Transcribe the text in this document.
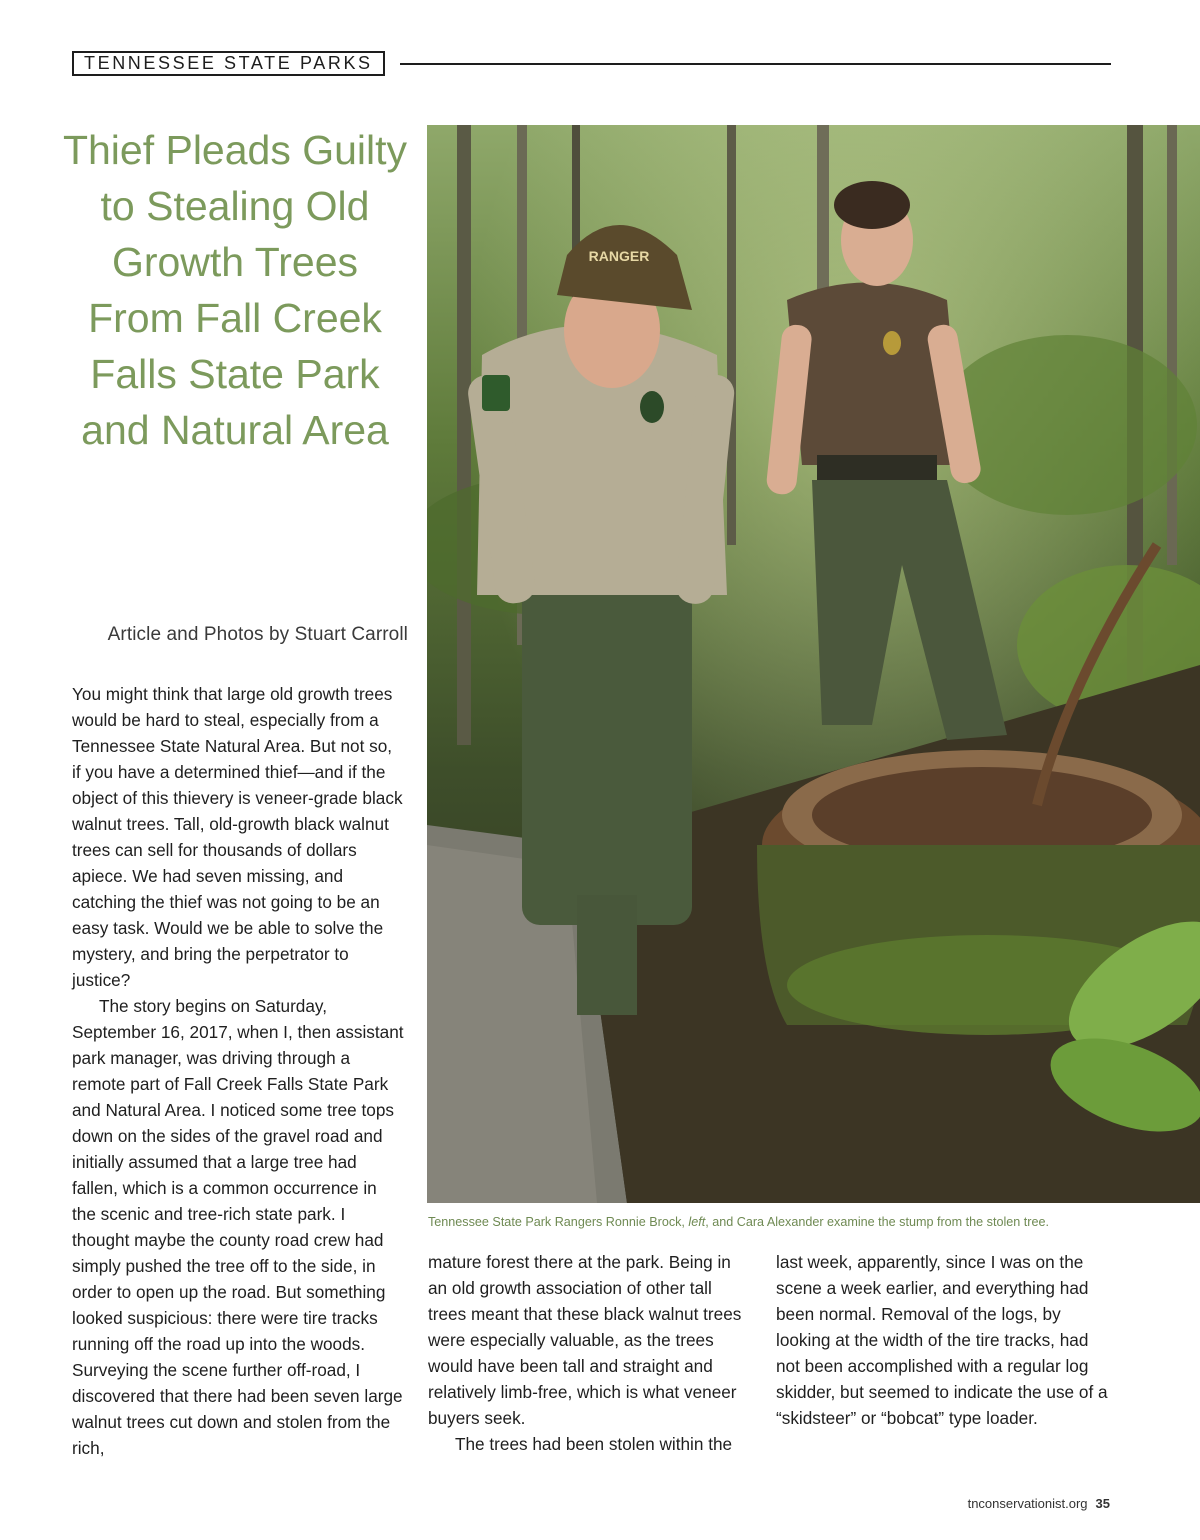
TENNESSEE STATE PARKS
Thief Pleads Guilty to Stealing Old Growth Trees From Fall Creek Falls State Park and Natural Area
Article and Photos by Stuart Carroll

You might think that large old growth trees would be hard to steal, especially from a Tennessee State Natural Area. But not so, if you have a determined thief—and if the object of this thievery is veneer-grade black walnut trees. Tall, old-growth black walnut trees can sell for thousands of dollars apiece. We had seven missing, and catching the thief was not going to be an easy task. Would we be able to solve the mystery, and bring the perpetrator to justice?

The story begins on Saturday, September 16, 2017, when I, then assistant park manager, was driving through a remote part of Fall Creek Falls State Park and Natural Area. I noticed some tree tops down on the sides of the gravel road and initially assumed that a large tree had fallen, which is a common occurrence in the scenic and tree-rich state park. I thought maybe the county road crew had simply pushed the tree off to the side, in order to open up the road. But something looked suspicious: there were tire tracks running off the road up into the woods. Surveying the scene further off-road, I discovered that there had been seven large walnut trees cut down and stolen from the rich,

RANGER
Tennessee State Park Rangers Ronnie Brock, left, and Cara Alexander examine the stump from the stolen tree.

mature forest there at the park. Being in an old growth association of other tall trees meant that these black walnut trees were especially valuable, as the trees would have been tall and straight and relatively limb-free, which is what veneer buyers seek.

The trees had been stolen within the

last week, apparently, since I was on the scene a week earlier, and everything had been normal. Removal of the logs, by looking at the width of the tire tracks, had not been accomplished with a regular log skidder, but seemed to indicate the use of a “skidsteer” or “bobcat” type loader.

tnconservationist.org 35
